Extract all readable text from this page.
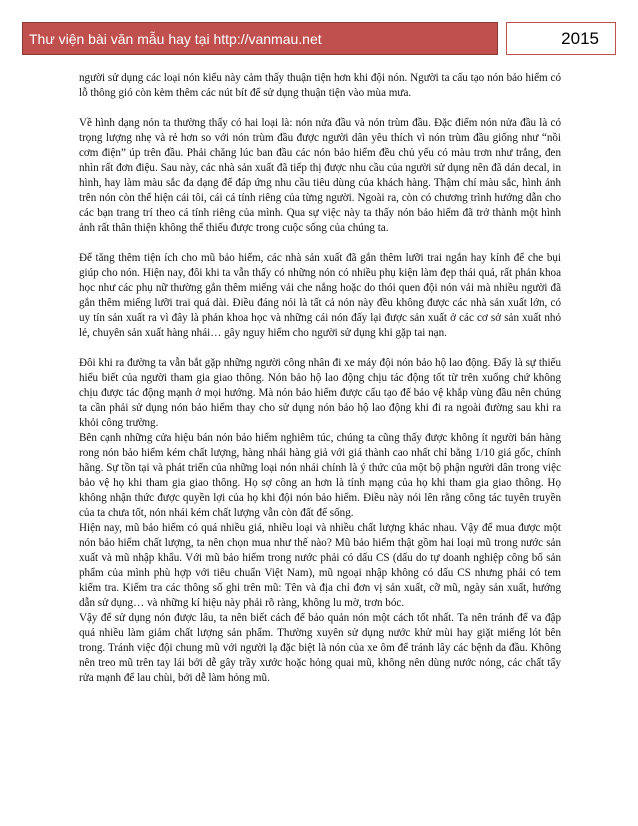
Thư viện bài văn mẫu hay tại http://vanmau.net	2015

người sử dụng các loại nón kiểu này cảm thấy thuận tiện hơn khi đội nón. Người ta cấu tạo nón bảo hiểm có lỗ thông gió còn kèm thêm các nút bít để sử dụng thuận tiện vào mùa mưa.

Về hình dạng nón ta thường thấy có hai loại là: nón nửa đầu và nón trùm đầu. Đặc điểm nón nửa đầu là có trọng lượng nhẹ và rẻ hơn so với nón trùm đầu được người dân yêu thích vì nón trùm đầu giống như “nồi cơm điện” úp trên đầu. Phải chăng lúc ban đầu các nón bảo hiểm đều chủ yếu có màu trơn như trắng, đen nhìn rất đơn điệu. Sau này, các nhà sản xuất đã tiếp thị được nhu cầu của người sử dụng nên đã dán decal, in hình, hay làm màu sắc đa dạng để đáp ứng nhu cầu tiêu dùng của khách hàng. Thậm chí màu sắc, hình ảnh trên nón còn thể hiện cái tôi, cái cá tính riêng của từng người. Ngoài ra, còn có chương trình hướng dẫn cho các bạn trang trí theo cá tính riêng của mình. Qua sự việc này ta thấy nón bảo hiểm đã trở thành một hình ảnh rất thân thiện không thể thiếu được trong cuộc sống của chúng ta.

Để tăng thêm tiện ích cho mũ bảo hiểm, các nhà sản xuất đã gắn thêm lưỡi trai ngắn hay kính để che bụi giúp cho nón. Hiện nay, đôi khi ta vẫn thấy có những nón có nhiều phụ kiện làm đẹp thái quá, rất phản khoa học như các phụ nữ thường gắn thêm miếng vải che nắng hoặc do thói quen đội nón vải mà nhiều người đã gắn thêm miếng lưỡi trai quá dài. Điều đáng nói là tất cả nón này đều không được các nhà sản xuất lớn, có uy tín sản xuất ra vì đây là phản khoa học và những cái nón đấy lại được sản xuất ở các cơ sở sản xuất nhỏ lẻ, chuyên sản xuất hàng nhái… gây nguy hiểm cho người sử dụng khi gặp tai nạn.

Đôi khi ra đường ta vẫn bắt gặp những người công nhân đi xe máy đội nón bảo hộ lao động. Đấy là sự thiếu hiểu biết của người tham gia giao thông. Nón bảo hộ lao động chịu tác động tốt từ trên xuống chứ không chịu được tác động mạnh ở mọi hướng. Mà nón bảo hiểm được cấu tạo để bảo vệ khắp vùng đầu nên chúng ta cần phải sử dụng nón bảo hiểm thay cho sử dụng nón bảo hộ lao động khi đi ra ngoài đường sau khi ra khỏi công trường.

Bên cạnh những cửa hiệu bán nón bảo hiểm nghiêm túc, chúng ta cũng thấy được không ít người bán hàng rong nón bảo hiểm kém chất lượng, hàng nhái hàng giả với giá thành cao nhất chỉ bằng 1/10 giá gốc, chính hãng. Sự tồn tại và phát triển của những loại nón nhái chính là ý thức của một bộ phận người dân trong việc bảo vệ họ khi tham gia giao thông. Họ sợ công an hơn là tính mạng của họ khi tham gia giao thông. Họ không nhận thức được quyền lợi của họ khi đội nón bảo hiểm. Điều này nói lên rằng công tác tuyên truyền của ta chưa tốt, nón nhái kém chất lượng vẫn còn đất để sống.

Hiện nay, mũ bảo hiểm có quá nhiều giá, nhiều loại và nhiều chất lượng khác nhau. Vậy để mua được một nón bảo hiểm chất lượng, ta nên chọn mua như thế nào? Mũ bảo hiểm thật gồm hai loại mũ trong nước sản xuất và mũ nhập khẩu. Với mũ bảo hiểm trong nước phải có dấu CS (dấu do tự doanh nghiệp công bố sản phẩm của mình phù hợp với tiêu chuẩn Việt Nam), mũ ngoại nhập không có dấu CS nhưng phải có tem kiểm tra. Kiểm tra các thông số ghi trên mũ: Tên và địa chỉ đơn vị sản xuất, cỡ mũ, ngày sản xuất, hướng dẫn sử dụng… và những kí hiệu này phải rõ ràng, không lu mờ, trơn bóc.

Vậy để sử dụng nón được lâu, ta nên biết cách để bảo quản nón một cách tốt nhất. Ta nên tránh để va đập quá nhiều làm giảm chất lượng sản phẩm. Thường xuyên sử dụng nước khử mùi hay giặt miếng lót bên trong. Tránh việc đội chung mũ với người lạ đặc biệt là nón của xe ôm để tránh lây các bệnh da đầu. Không nên treo mũ trên tay lái bởi dễ gây trầy xước hoặc hỏng quai mũ, không nên dùng nước nóng, các chất tẩy rửa mạnh để lau chùi, bởi dễ làm hỏng mũ.
